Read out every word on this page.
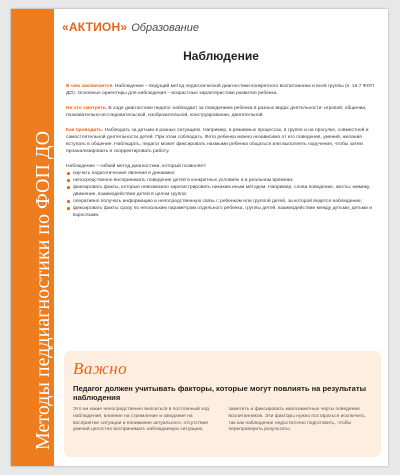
Методы педдиагностики по ФОП ДО
«АКТИОН» Образование
Наблюдение

В чем заключается. Наблюдение – ведущий метод педагогической диагностики конкретного воспитанника и всей группы (п. 16.7 ФОП ДО). Основные ориентиры для наблюдения – возрастные характеристики развития ребенка.

На что смотреть. В ходе диагностики педагог наблюдает за поведением ребенка в разных видах деятельности: игровой, общении, познавательно-исследовательской, изобразительной, конструировании, двигательной.

Как проводить. Наблюдать за детьми в разных ситуациях. Например, в режимных процессах, в группе и на прогулке, совместной и самостоятельной деятельности детей. При этом соблюдать. Фото ребенка можно независимо от его поведения, умений, желания вступать в общение. Наблюдать, педагог может фиксировать нахмыми ребенка общаться или выполнять поручения, чтобы затем проанализировать и скорректировать работу.

Наблюдение – гибкий метод диагностики, который позволяет:

изучать педагогические явления в динамике;
непосредственно воспринимать поведение детей в конкретных условиях и в реальном времени;
фиксировать факты, которые невозможно зарегистрировать никаким иным методом. Например, слова поведение, жесты, мимику, движение, взаимодействие детей в целом группа;
оперативно получать информацию и непосредственную связь с ребенком или группой детей, за которой ведется наблюдение;
фиксировать факты сразу по нескольким параметрам отдельного ребенка, группы детей, взаимодействие между детьми, детьми и взрослыми.
Важно
Педагог должен учитывать факторы, которые могут повлиять на результаты наблюдения

Это ни какие непосредственно вноситься в постоянный ход наблюдения, влияние на стремление и ожидание на восприятие ситуации и понимание актуального, отсутствие умений целостно воспринимать наблюдаемую ситуацию,

заметить и фиксировать малозаметные черты поведения воспитанников. Эти факторы нужно постараться исключить, так как наблюдение недостаточно подготовить, чтобы перепроверить результаты.
